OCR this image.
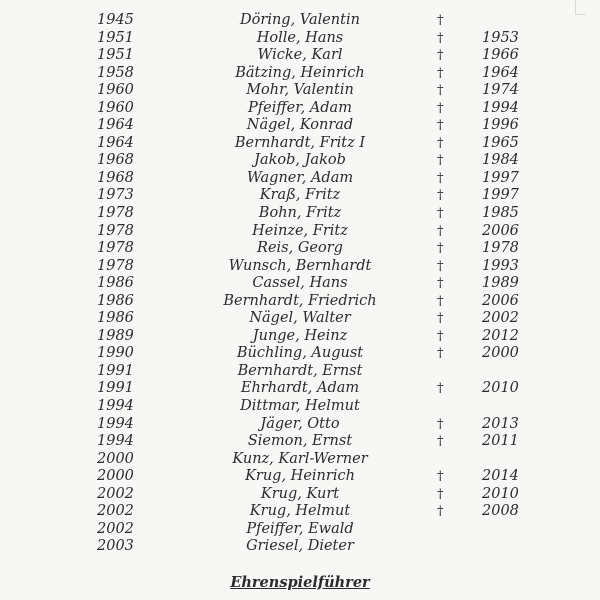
1945	Döring, Valentin	†
1951	Holle, Hans	†	1953
1951	Wicke, Karl	†	1966
1958	Bätzing, Heinrich	†	1964
1960	Mohr, Valentin	†	1974
1960	Pfeiffer, Adam	†	1994
1964	Nägel, Konrad	†	1996
1964	Bernhardt, Fritz I	†	1965
1968	Jakob, Jakob	†	1984
1968	Wagner, Adam	†	1997
1973	Kraß, Fritz	†	1997
1978	Bohn, Fritz	†	1985
1978	Heinze, Fritz	†	2006
1978	Reis, Georg	†	1978
1978	Wunsch, Bernhardt	†	1993
1986	Cassel, Hans	†	1989
1986	Bernhardt, Friedrich	†	2006
1986	Nägel, Walter	†	2002
1989	Junge, Heinz	†	2012
1990	Büchling, August	†	2000
1991	Bernhardt, Ernst
1991	Ehrhardt, Adam	†	2010
1994	Dittmar, Helmut
1994	Jäger, Otto	†	2013
1994	Siemon, Ernst	†	2011
2000	Kunz, Karl-Werner
2000	Krug, Heinrich	†	2014
2002	Krug, Kurt	†	2010
2002	Krug, Helmut	†	2008
2002	Pfeiffer, Ewald
2003	Griesel, Dieter
Ehrenspielführer
